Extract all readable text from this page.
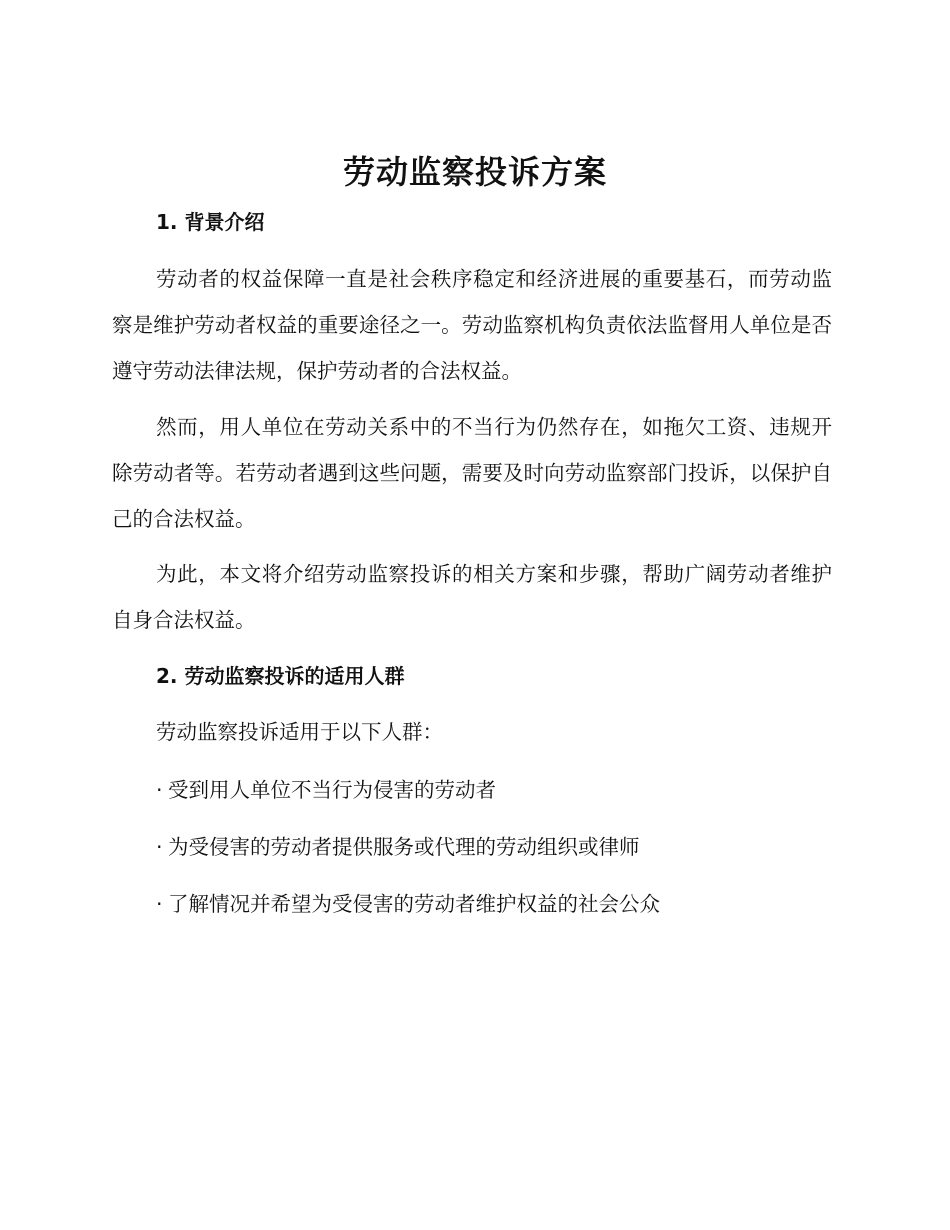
劳动监察投诉方案
1. 背景介绍

劳动者的权益保障一直是社会秩序稳定和经济进展的重要基石，而劳动监察是维护劳动者权益的重要途径之一。劳动监察机构负责依法监督用人单位是否遵守劳动法律法规，保护劳动者的合法权益。

然而，用人单位在劳动关系中的不当行为仍然存在，如拖欠工资、违规开除劳动者等。若劳动者遇到这些问题，需要及时向劳动监察部门投诉，以保护自己的合法权益。

为此，本文将介绍劳动监察投诉的相关方案和步骤，帮助广阔劳动者维护自身合法权益。

2. 劳动监察投诉的适用人群

劳动监察投诉适用于以下人群：

· 受到用人单位不当行为侵害的劳动者
· 为受侵害的劳动者提供服务或代理的劳动组织或律师
· 了解情况并希望为受侵害的劳动者维护权益的社会公众
